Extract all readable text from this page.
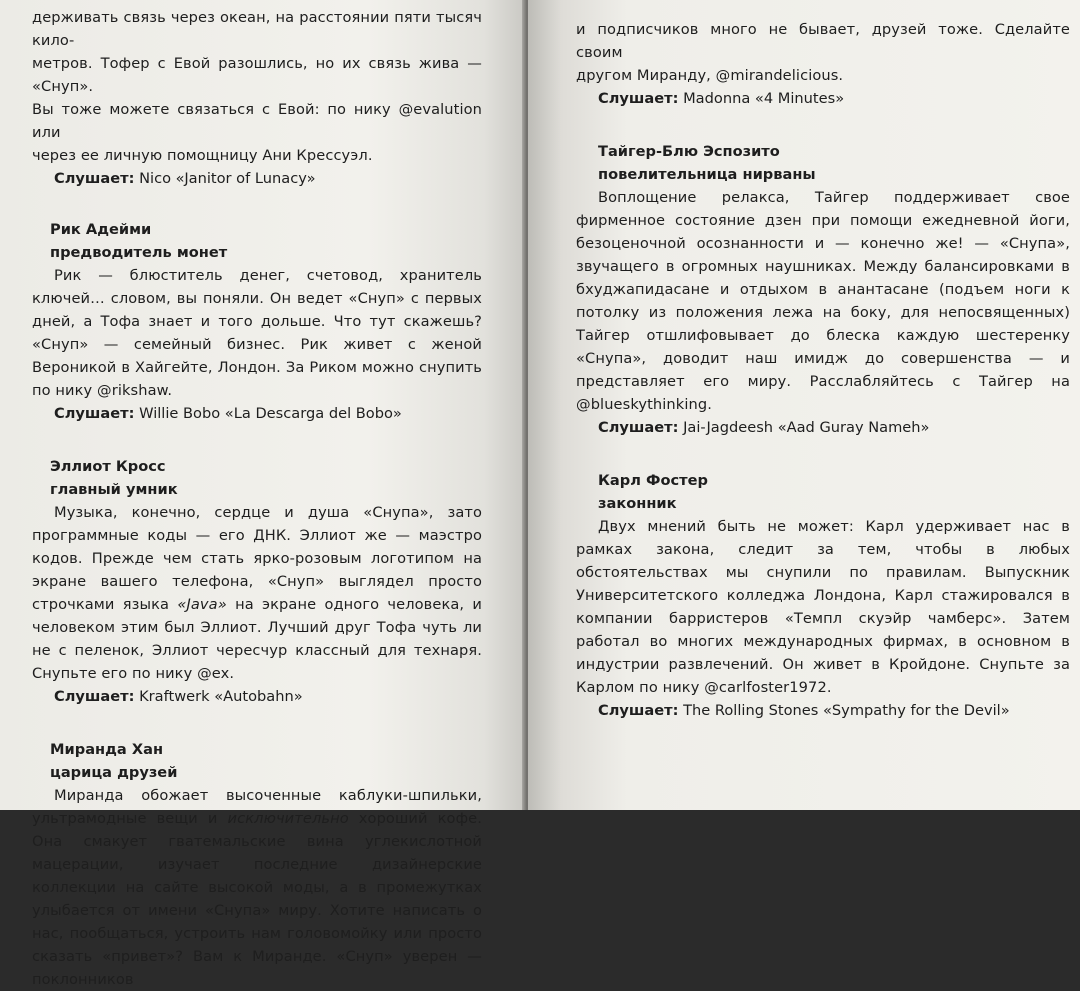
держивать связь через океан, на расстоянии пяти тысяч кило-

метров. Тофер с Евой разошлись, но их связь жива — «Снуп».

Вы тоже можете связаться с Евой: по нику @evalution или

через ее личную помощницу Ани Крессуэл.

Слушает: Nico «Janitor of Lunacy»
Рик Адейми
предводитель монет

Рик — блюститель денег, счетовод, хранитель ключей… словом, вы поняли. Он ведет «Снуп» с первых дней, а Тофа знает и того дольше. Что тут скажешь? «Снуп» — семейный бизнес. Рик живет с женой Вероникой в Хайгейте, Лондон. За Риком можно снупить по нику @rikshaw.

Слушает: Willie Bobo «La Descarga del Bobo»
Эллиот Кросс
главный умник

Музыка, конечно, сердце и душа «Снупа», зато программные коды — его ДНК. Эллиот же — маэстро кодов. Прежде чем стать ярко-розовым логотипом на экране вашего телефона, «Снуп» выглядел просто строчками языка «Java» на экране одного человека, и человеком этим был Эллиот. Лучший друг Тофа чуть ли не с пеленок, Эллиот чересчур классный для технаря. Снупьте его по нику @ex.

Слушает: Kraftwerk «Autobahn»
Миранда Хан
царица друзей

Миранда обожает высоченные каблуки-шпильки, ультрамодные вещи и исключительно хороший кофе. Она смакует гватемальские вина углекислотной мацерации, изучает последние дизайнерские коллекции на сайте высокой моды, а в промежутках улыбается от имени «Снупа» миру. Хотите написать о нас, пообщаться, устроить нам головомойку или просто сказать «привет»? Вам к Миранде. «Снуп» уверен — поклонников

и подписчиков много не бывает, друзей тоже. Сделайте своим

другом Миранду, @mirandelicious.

Слушает: Madonna «4 Minutes»
Тайгер-Блю Эспозито
повелительница нирваны

Воплощение релакса, Тайгер поддерживает свое фирменное состояние дзен при помощи ежедневной йоги, безоценочной осознанности и — конечно же! — «Снупа», звучащего в огромных наушниках. Между балансировками в бхуджапидасане и отдыхом в анантасане (подъем ноги к потолку из положения лежа на боку, для непосвященных) Тайгер отшлифовывает до блеска каждую шестеренку «Снупа», доводит наш имидж до совершенства — и представляет его миру. Расслабляйтесь с Тайгер на @blueskythinking.

Слушает: Jai-Jagdeesh «Aad Guray Nameh»
Карл Фостер
законник

Двух мнений быть не может: Карл удерживает нас в рамках закона, следит за тем, чтобы в любых обстоятельствах мы снупили по правилам. Выпускник Университетского колледжа Лондона, Карл стажировался в компании барристеров «Темпл скуэйр чамберс». Затем работал во многих международных фирмах, в основном в индустрии развлечений. Он живет в Кройдоне. Снупьте за Карлом по нику @carlfoster1972.

Слушает: The Rolling Stones «Sympathy for the Devil»
